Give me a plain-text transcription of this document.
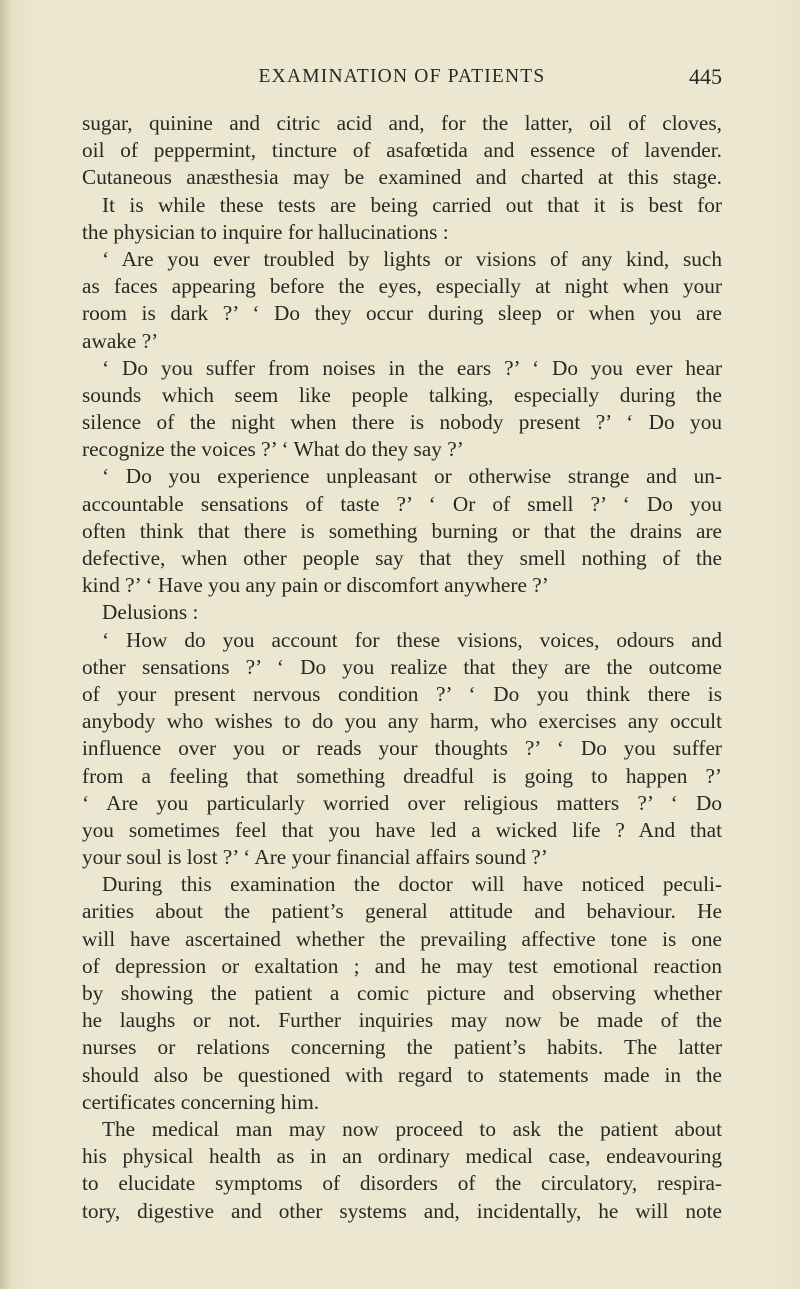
EXAMINATION OF PATIENTS	445
sugar, quinine and citric acid and, for the latter, oil of cloves,
oil of peppermint, tincture of asafœtida and essence of lavender.
Cutaneous anæsthesia may be examined and charted at this stage.
It is while these tests are being carried out that it is best for
the physician to inquire for hallucinations :
‘ Are you ever troubled by lights or visions of any kind, such
as faces appearing before the eyes, especially at night when your
room is dark ?’ ‘ Do they occur during sleep or when you are
awake ?’
‘ Do you suffer from noises in the ears ?’ ‘ Do you ever hear
sounds which seem like people talking, especially during the
silence of the night when there is nobody present ?’ ‘ Do you
recognize the voices ?’ ‘ What do they say ?’
‘ Do you experience unpleasant or otherwise strange and un-
accountable sensations of taste ?’ ‘ Or of smell ?’ ‘ Do you
often think that there is something burning or that the drains are
defective, when other people say that they smell nothing of the
kind ?’ ‘ Have you any pain or discomfort anywhere ?’
Delusions :
‘ How do you account for these visions, voices, odours and
other sensations ?’ ‘ Do you realize that they are the outcome
of your present nervous condition ?’ ‘ Do you think there is
anybody who wishes to do you any harm, who exercises any occult
influence over you or reads your thoughts ?’ ‘ Do you suffer
from a feeling that something dreadful is going to happen ?’
‘ Are you particularly worried over religious matters ?’ ‘ Do
you sometimes feel that you have led a wicked life ? And that
your soul is lost ?’ ‘ Are your financial affairs sound ?’
During this examination the doctor will have noticed peculi-
arities about the patient’s general attitude and behaviour. He
will have ascertained whether the prevailing affective tone is one
of depression or exaltation ; and he may test emotional reaction
by showing the patient a comic picture and observing whether
he laughs or not. Further inquiries may now be made of the
nurses or relations concerning the patient’s habits. The latter
should also be questioned with regard to statements made in the
certificates concerning him.
The medical man may now proceed to ask the patient about
his physical health as in an ordinary medical case, endeavouring
to elucidate symptoms of disorders of the circulatory, respira-
tory, digestive and other systems and, incidentally, he will note
